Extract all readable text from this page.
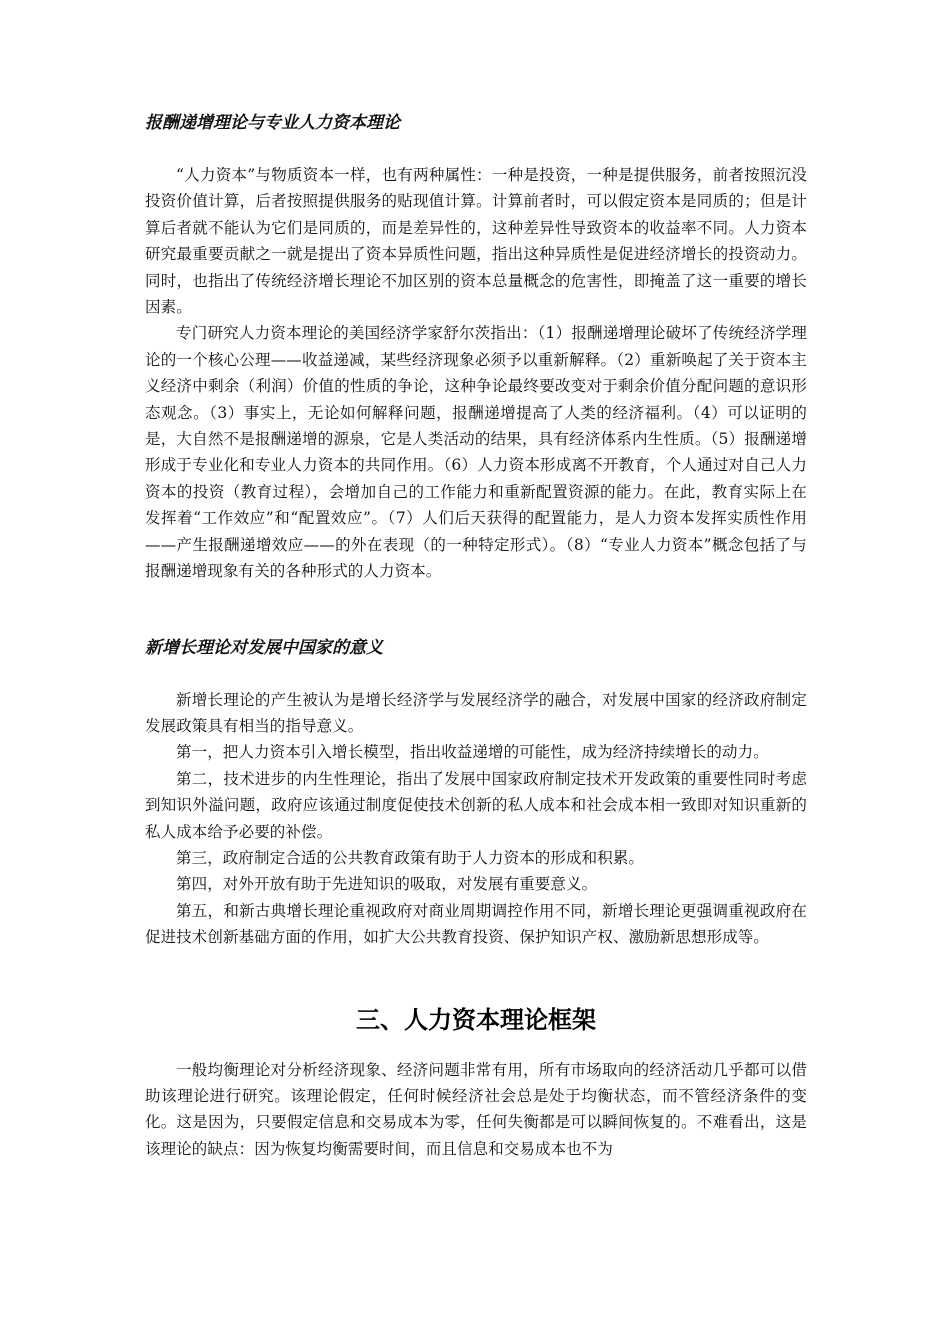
报酬递增理论与专业人力资本理论

“人力资本”与物质资本一样，也有两种属性：一种是投资，一种是提供服务，前者按照沉没投资价值计算，后者按照提供服务的贴现值计算。计算前者时，可以假定资本是同质的；但是计算后者就不能认为它们是同质的，而是差异性的，这种差异性导致资本的收益率不同。人力资本研究最重要贡献之一就是提出了资本异质性问题，指出这种异质性是促进经济增长的投资动力。同时，也指出了传统经济增长理论不加区别的资本总量概念的危害性，即掩盖了这一重要的增长因素。

专门研究人力资本理论的美国经济学家舒尔茨指出：（1）报酬递增理论破坏了传统经济学理论的一个核心公理——收益递减，某些经济现象必须予以重新解释。（2）重新唤起了关于资本主义经济中剩余（利润）价值的性质的争论，这种争论最终要改变对于剩余价值分配问题的意识形态观念。（3）事实上，无论如何解释问题，报酬递增提高了人类的经济福利。（4）可以证明的是，大自然不是报酬递增的源泉，它是人类活动的结果，具有经济体系内生性质。（5）报酬递增形成于专业化和专业人力资本的共同作用。（6）人力资本形成离不开教育，个人通过对自己人力资本的投资（教育过程），会增加自己的工作能力和重新配置资源的能力。在此，教育实际上在发挥着“工作效应”和“配置效应”。（7）人们后天获得的配置能力，是人力资本发挥实质性作用——产生报酬递增效应——的外在表现（的一种特定形式）。（8）“专业人力资本”概念包括了与报酬递增现象有关的各种形式的人力资本。

新增长理论对发展中国家的意义

新增长理论的产生被认为是增长经济学与发展经济学的融合，对发展中国家的经济政府制定发展政策具有相当的指导意义。

第一，把人力资本引入增长模型，指出收益递增的可能性，成为经济持续增长的动力。

第二，技术进步的内生性理论，指出了发展中国家政府制定技术开发政策的重要性同时考虑到知识外溢问题，政府应该通过制度促使技术创新的私人成本和社会成本相一致即对知识重新的私人成本给予必要的补偿。

第三，政府制定合适的公共教育政策有助于人力资本的形成和积累。

第四，对外开放有助于先进知识的吸取，对发展有重要意义。

第五，和新古典增长理论重视政府对商业周期调控作用不同，新增长理论更强调重视政府在促进技术创新基础方面的作用，如扩大公共教育投资、保护知识产权、激励新思想形成等。

三、人力资本理论框架

一般均衡理论对分析经济现象、经济问题非常有用，所有市场取向的经济活动几乎都可以借助该理论进行研究。该理论假定，任何时候经济社会总是处于均衡状态，而不管经济条件的变化。这是因为，只要假定信息和交易成本为零，任何失衡都是可以瞬间恢复的。不难看出，这是该理论的缺点：因为恢复均衡需要时间，而且信息和交易成本也不为
